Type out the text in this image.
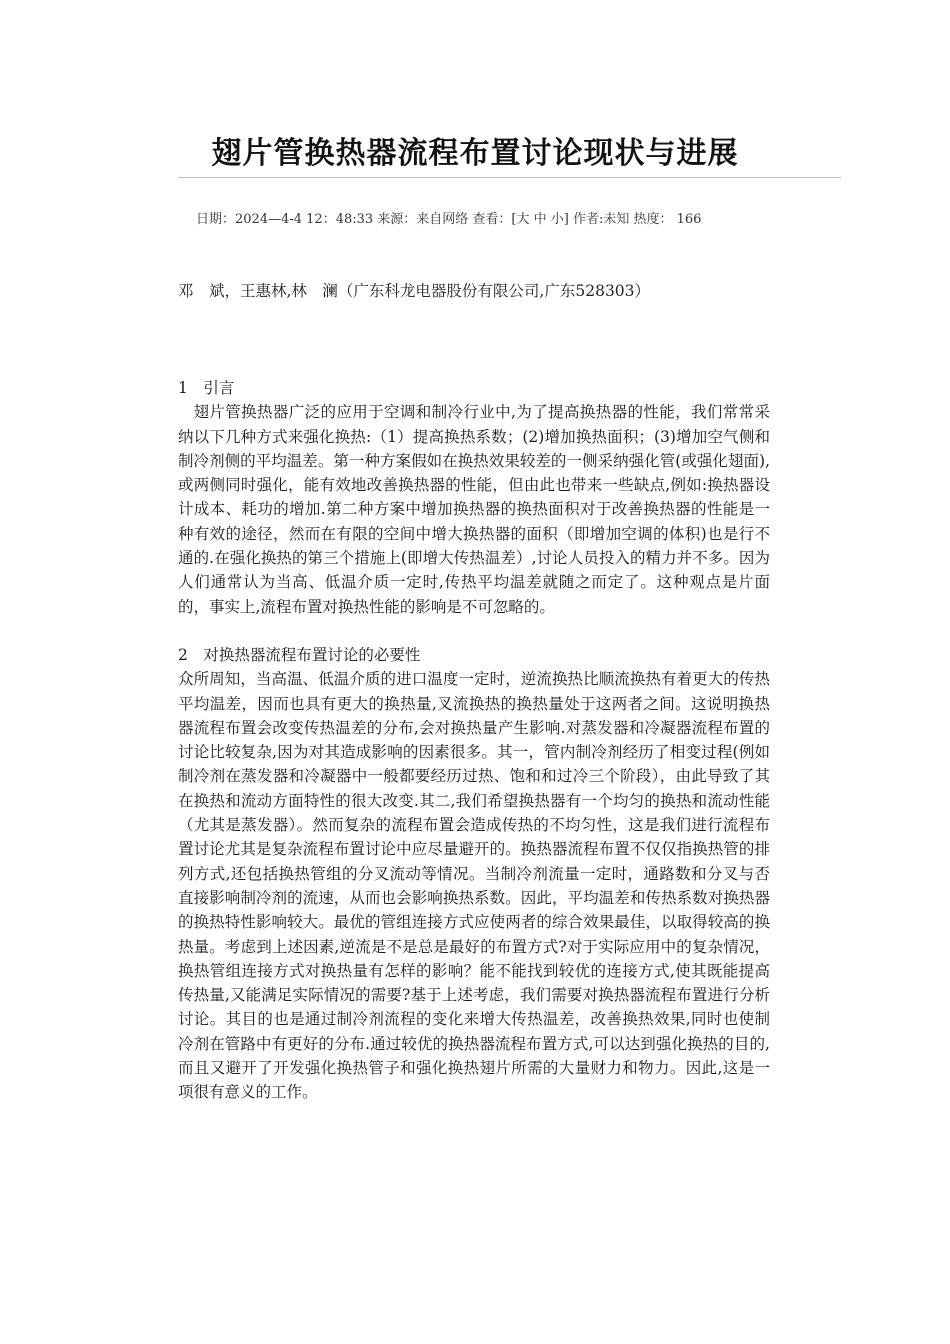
翅片管换热器流程布置讨论现状与进展
日期：2024—4-4 12：48:33 来源：来自网络 查看：[大 中 小] 作者:未知 热度： 166
邓　斌，王惠林,林　澜（广东科龙电器股份有限公司,广东528303）

1　引言

翅片管换热器广泛的应用于空调和制冷行业中,为了提高换热器的性能，我们常常采纳以下几种方式来强化换热:（1）提高换热系数；(2)增加换热面积；(3)增加空气侧和制冷剂侧的平均温差。第一种方案假如在换热效果较差的一侧采纳强化管(或强化翅面),或两侧同时强化，能有效地改善换热器的性能，但由此也带来一些缺点,例如:换热器设计成本、耗功的增加.第二种方案中增加换热器的换热面积对于改善换热器的性能是一种有效的途径，然而在有限的空间中增大换热器的面积（即增加空调的体积)也是行不通的.在强化换热的第三个措施上(即增大传热温差）,讨论人员投入的精力并不多。因为人们通常认为当高、低温介质一定时,传热平均温差就随之而定了。这种观点是片面的，事实上,流程布置对换热性能的影响是不可忽略的。

2　对换热器流程布置讨论的必要性

众所周知，当高温、低温介质的进口温度一定时，逆流换热比顺流换热有着更大的传热平均温差，因而也具有更大的换热量,叉流换热的换热量处于这两者之间。这说明换热器流程布置会改变传热温差的分布,会对换热量产生影响.对蒸发器和冷凝器流程布置的讨论比较复杂,因为对其造成影响的因素很多。其一，管内制冷剂经历了相变过程(例如制冷剂在蒸发器和冷凝器中一般都要经历过热、饱和和过冷三个阶段），由此导致了其在换热和流动方面特性的很大改变.其二,我们希望换热器有一个均匀的换热和流动性能（尤其是蒸发器）。然而复杂的流程布置会造成传热的不均匀性，这是我们进行流程布置讨论尤其是复杂流程布置讨论中应尽量避开的。换热器流程布置不仅仅指换热管的排列方式,还包括换热管组的分叉流动等情况。当制冷剂流量一定时，通路数和分叉与否直接影响制冷剂的流速，从而也会影响换热系数。因此，平均温差和传热系数对换热器的换热特性影响较大。最优的管组连接方式应使两者的综合效果最佳，以取得较高的换热量。考虑到上述因素,逆流是不是总是最好的布置方式?对于实际应用中的复杂情况，换热管组连接方式对换热量有怎样的影响？能不能找到较优的连接方式,使其既能提高传热量,又能满足实际情况的需要?基于上述考虑，我们需要对换热器流程布置进行分析讨论。其目的也是通过制冷剂流程的变化来增大传热温差，改善换热效果,同时也使制冷剂在管路中有更好的分布.通过较优的换热器流程布置方式,可以达到强化换热的目的,而且又避开了开发强化换热管子和强化换热翅片所需的大量财力和物力。因此,这是一项很有意义的工作。
